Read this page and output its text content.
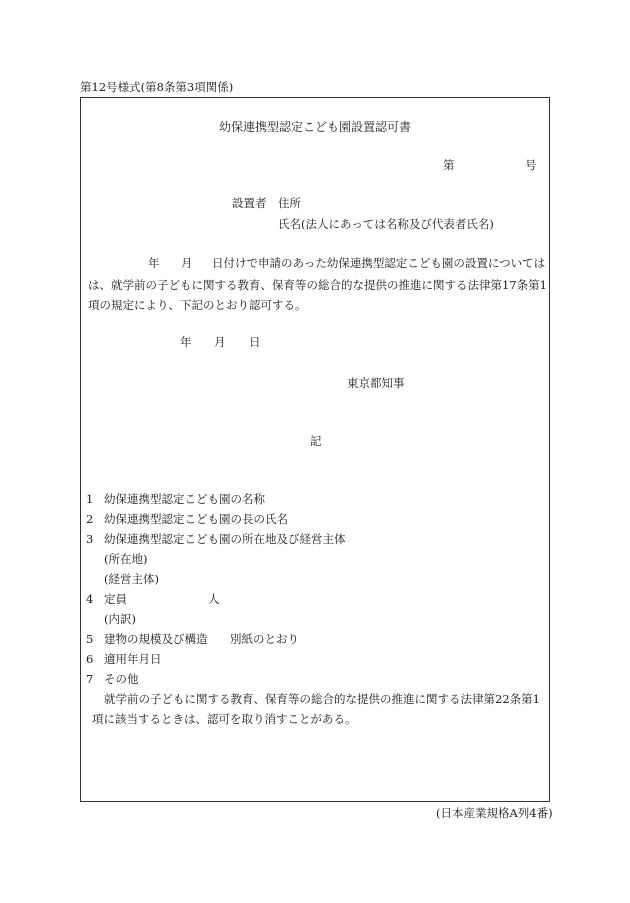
第12号様式(第8条第3項関係)
幼保連携型認定こども園設置認可書
第	号
設置者 住所
氏名(法人にあっては名称及び代表者氏名)
年 月 日付けで申請のあった幼保連携型認定こども園の設置については
は、就学前の子どもに関する教育、保育等の総合的な提供の推進に関する法律第17条第1
項の規定により、下記のとおり認可する。
年 月 日
東京都知事
記
1 幼保連携型認定こども園の名称
2 幼保連携型認定こども園の長の氏名
3 幼保連携型認定こども園の所在地及び経営主体
(所在地)
(経営主体)
4 定員	人
(内訳)
5 建物の規模及び構造 別紙のとおり
6 適用年月日
7 その他
就学前の子どもに関する教育、保育等の総合的な提供の推進に関する法律第22条第1
項に該当するときは、認可を取り消すことがある。
(日本産業規格A列4番)
